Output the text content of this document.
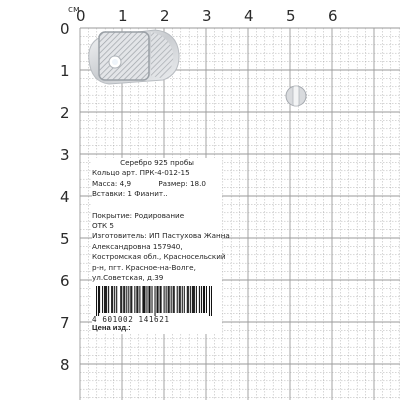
см
0 1 2 3 4 5 6
0
1
2
3
4
5
6
7
8
Серебро 925 пробы
Кольцо арт. ПРК-4-012-15
Масса: 4,9	Размер: 18.0
Вставки: 1 Фианит..
Покрытие: Родирование
ОТК 5
Изготовитель: ИП Пастухова Жанна
Александровна 157940,
Костромская обл., Красносельский
р-н, пгт. Красное-на-Волге,
ул.Советская, д.39
4 601002 141621
Цена изд.:
